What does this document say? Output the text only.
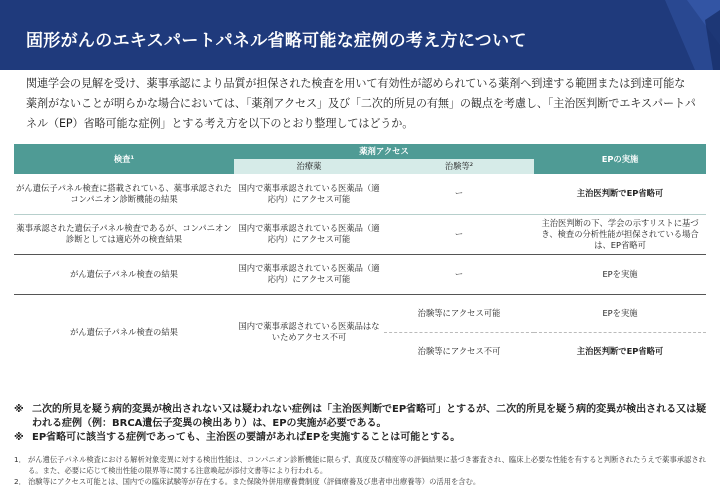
固形がんのエキスパートパネル省略可能な症例の考え方について
関連学会の見解を受け、薬事承認により品質が担保された検査を用いて有効性が認められている薬剤へ到達する範囲または到達可能な薬剤がないことが明らかな場合においては、「薬剤アクセス」及び「二次的所見の有無」の観点を考慮し、「主治医判断でエキスパートパネル（EP）省略可能な症例」とする考え方を以下のとおり整理してはどうか。
検査¹	薬剤アクセス		EPの実施
	治療薬	治験等²	
がん遺伝子パネル検査に搭載されている、薬事承認されたコンパニオン診断機能の結果	国内で薬事承認されている医薬品（適応内）にアクセス可能	ー	主治医判断でEP省略可
薬事承認された遺伝子パネル検査であるが、コンパニオン診断としては適応外の検査結果	国内で薬事承認されている医薬品（適応内）にアクセス可能	ー	主治医判断の下、学会の示すリストに基づき、検査の分析性能が担保されている場合は、EP省略可
がん遺伝子パネル検査の結果	国内で薬事承認されている医薬品（適応内）にアクセス可能	ー	EPを実施
がん遺伝子パネル検査の結果	国内で薬事承認されている医薬品はないためアクセス不可	治験等にアクセス可能	EPを実施
		治験等にアクセス不可	主治医判断でEP省略可
※ 二次的所見を疑う病的変異が検出されない又は疑われない症例は「主治医判断でEP省略可」とするが、二次的所見を疑う病的変異が検出される又は疑われる症例（例：BRCA遺伝子変異の検出あり）は、EPの実施が必要である。
※ EP省略可に該当する症例であっても、主治医の要請があればEPを実施することは可能とする。
1． がん遺伝子パネル検査における解析対象変異に対する検出性能は、コンパニオン診断機能に限らず、真度及び精度等の評価結果に基づき審査され、臨床上必要な性能を有すると判断されたうえで薬事承認される。また、必要に応じて検出性能の限界等に関する注意喚起が添付文書等により行われる。
2． 治験等にアクセス可能とは、国内での臨床試験等が存在する。また保険外併用療養費制度（評価療養及び患者申出療養等）の活用を含む。
